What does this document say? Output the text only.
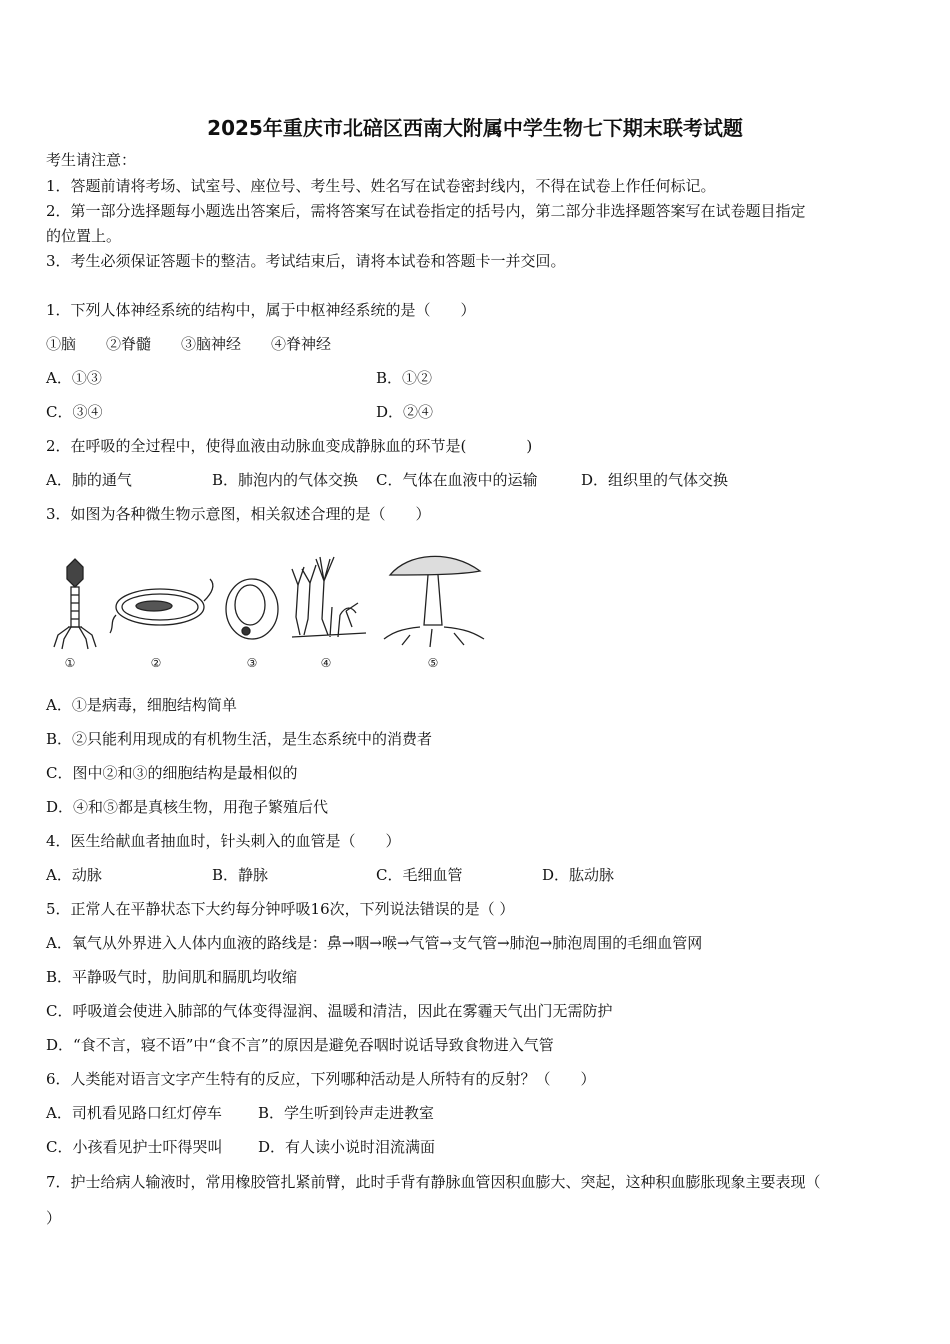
2025年重庆市北碚区西南大附属中学生物七下期末联考试题
考生请注意：
1．答题前请将考场、试室号、座位号、考生号、姓名写在试卷密封线内，不得在试卷上作任何标记。
2．第一部分选择题每小题选出答案后，需将答案写在试卷指定的括号内，第二部分非选择题答案写在试卷题目指定
的位置上。
3．考生必须保证答题卡的整洁。考试结束后，请将本试卷和答题卡一并交回。
1．下列人体神经系统的结构中，属于中枢神经系统的是（　　）
①脑　　②脊髓　　③脑神经　　④脊神经
A．①③	B．①②
C．③④	D．②④
2．在呼吸的全过程中，使得血液由动脉血变成静脉血的环节是(　　　　)
A．肺的通气	B．肺泡内的气体交换 C．气体在血液中的运输	D．组织里的气体交换
3．如图为各种微生物示意图，相关叙述合理的是（　　）
①	②	③	④	⑤
A．①是病毒，细胞结构简单
B．②只能利用现成的有机物生活，是生态系统中的消费者
C．图中②和③的细胞结构是最相似的
D．④和⑤都是真核生物，用孢子繁殖后代
4．医生给献血者抽血时，针头刺入的血管是（　　）
A．动脉	B．静脉	C．毛细血管	D．肱动脉
5．正常人在平静状态下大约每分钟呼吸16次，下列说法错误的是（ ）
A．氧气从外界进入人体内血液的路线是：鼻→咽→喉→气管→支气管→肺泡→肺泡周围的毛细血管网
B．平静吸气时，肋间肌和膈肌均收缩
C．呼吸道会使进入肺部的气体变得湿润、温暖和清洁，因此在雾霾天气出门无需防护
D．“食不言，寝不语”中“食不言”的原因是避免吞咽时说话导致食物进入气管
6．人类能对语言文字产生特有的反应，下列哪种活动是人所特有的反射？（　　）
A．司机看见路口红灯停车 B．学生听到铃声走进教室
C．小孩看见护士吓得哭叫 D．有人读小说时泪流满面
7．护士给病人输液时，常用橡胶管扎紧前臂，此时手背有静脉血管因积血膨大、突起，这种积血膨胀现象主要表现（
）
